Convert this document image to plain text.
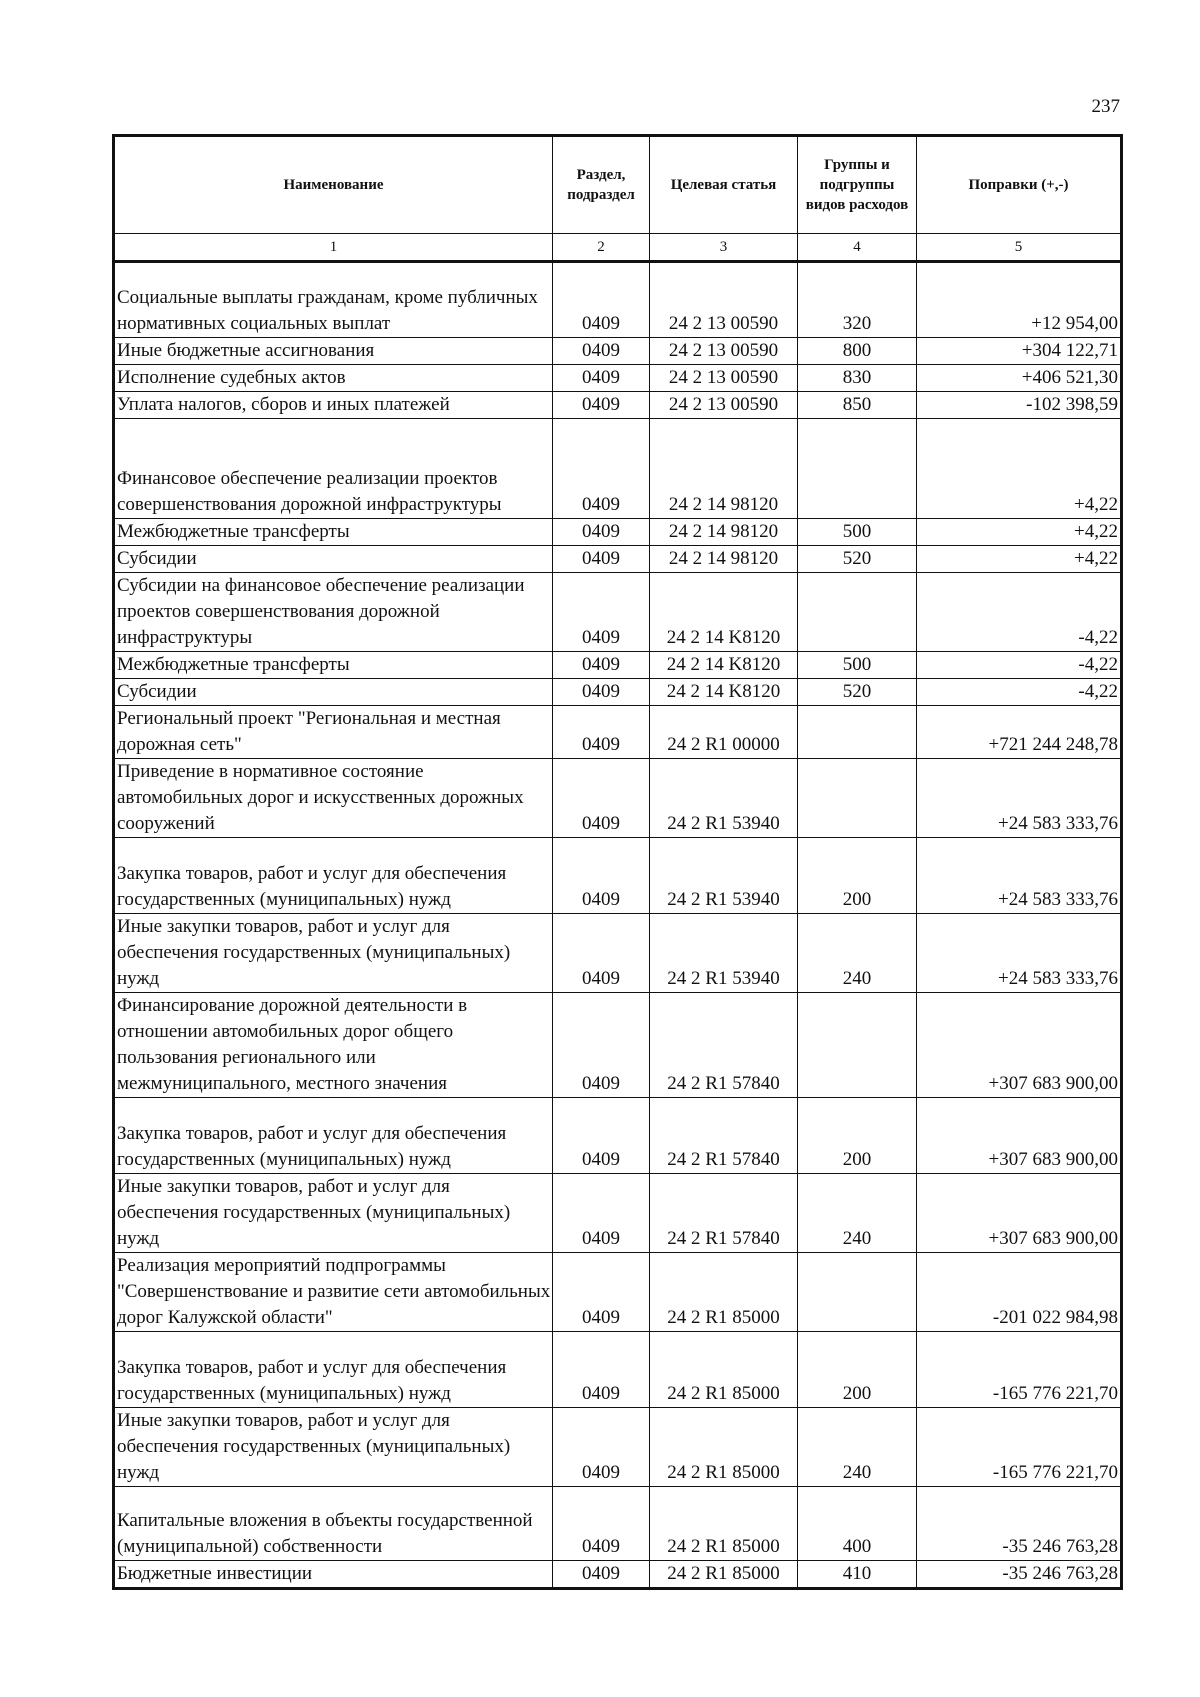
237
Наименование	Раздел, подраздел	Целевая статья	Группы и подгруппы видов расходов	Поправки (+,-)
1	2	3	4	5
Социальные выплаты гражданам, кроме публичных нормативных социальных выплат	0409	24 2 13 00590	320	+12 954,00
Иные бюджетные ассигнования	0409	24 2 13 00590	800	+304 122,71
Исполнение судебных актов	0409	24 2 13 00590	830	+406 521,30
Уплата налогов, сборов и иных платежей	0409	24 2 13 00590	850	-102 398,59
Финансовое обеспечение реализации проектов совершенствования дорожной инфраструктуры	0409	24 2 14 98120		+4,22
Межбюджетные трансферты	0409	24 2 14 98120	500	+4,22
Субсидии	0409	24 2 14 98120	520	+4,22
Субсидии на финансовое обеспечение реализации проектов совершенствования дорожной инфраструктуры	0409	24 2 14 K8120		-4,22
Межбюджетные трансферты	0409	24 2 14 K8120	500	-4,22
Субсидии	0409	24 2 14 K8120	520	-4,22
Региональный проект "Региональная и местная дорожная сеть"	0409	24 2 R1 00000		+721 244 248,78
Приведение в нормативное состояние автомобильных дорог и искусственных дорожных сооружений	0409	24 2 R1 53940		+24 583 333,76
Закупка товаров, работ и услуг для обеспечения государственных (муниципальных) нужд	0409	24 2 R1 53940	200	+24 583 333,76
Иные закупки товаров, работ и услуг для обеспечения государственных (муниципальных) нужд	0409	24 2 R1 53940	240	+24 583 333,76
Финансирование дорожной деятельности в отношении автомобильных дорог общего пользования регионального или межмуниципального, местного значения	0409	24 2 R1 57840		+307 683 900,00
Закупка товаров, работ и услуг для обеспечения государственных (муниципальных) нужд	0409	24 2 R1 57840	200	+307 683 900,00
Иные закупки товаров, работ и услуг для обеспечения государственных (муниципальных) нужд	0409	24 2 R1 57840	240	+307 683 900,00
Реализация мероприятий подпрограммы "Совершенствование и развитие сети автомобильных дорог Калужской области"	0409	24 2 R1 85000		-201 022 984,98
Закупка товаров, работ и услуг для обеспечения государственных (муниципальных) нужд	0409	24 2 R1 85000	200	-165 776 221,70
Иные закупки товаров, работ и услуг для обеспечения государственных (муниципальных) нужд	0409	24 2 R1 85000	240	-165 776 221,70
Капитальные вложения в объекты государственной (муниципальной) собственности	0409	24 2 R1 85000	400	-35 246 763,28
Бюджетные инвестиции	0409	24 2 R1 85000	410	-35 246 763,28
